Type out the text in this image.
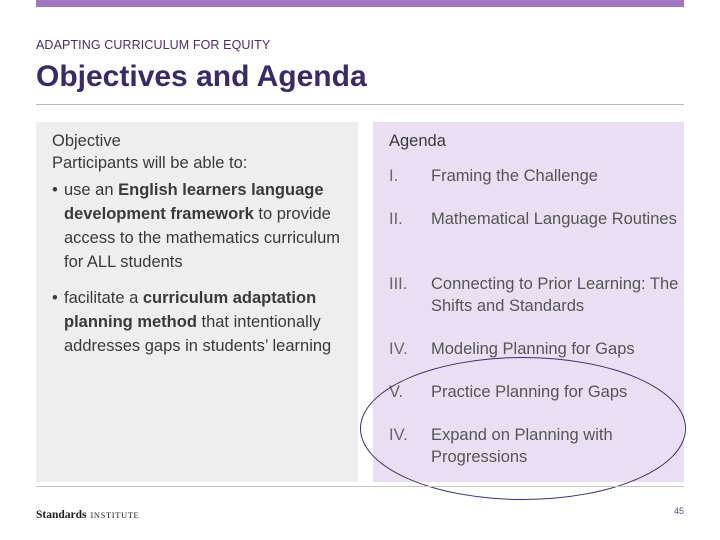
ADAPTING CURRICULUM FOR EQUITY
Objectives and Agenda
Objective
Participants will be able to:
• use an English learners language development framework to provide access to the mathematics curriculum for ALL students
• facilitate a curriculum adaptation planning method that intentionally addresses gaps in students’ learning
Agenda
I.	Framing the Challenge
II.	Mathematical Language Routines
III.	Connecting to Prior Learning: The Shifts and Standards
IV.	Modeling Planning for Gaps
V.	Practice Planning for Gaps
IV.	Expand on Planning with Progressions
Standards INSTITUTE	45
